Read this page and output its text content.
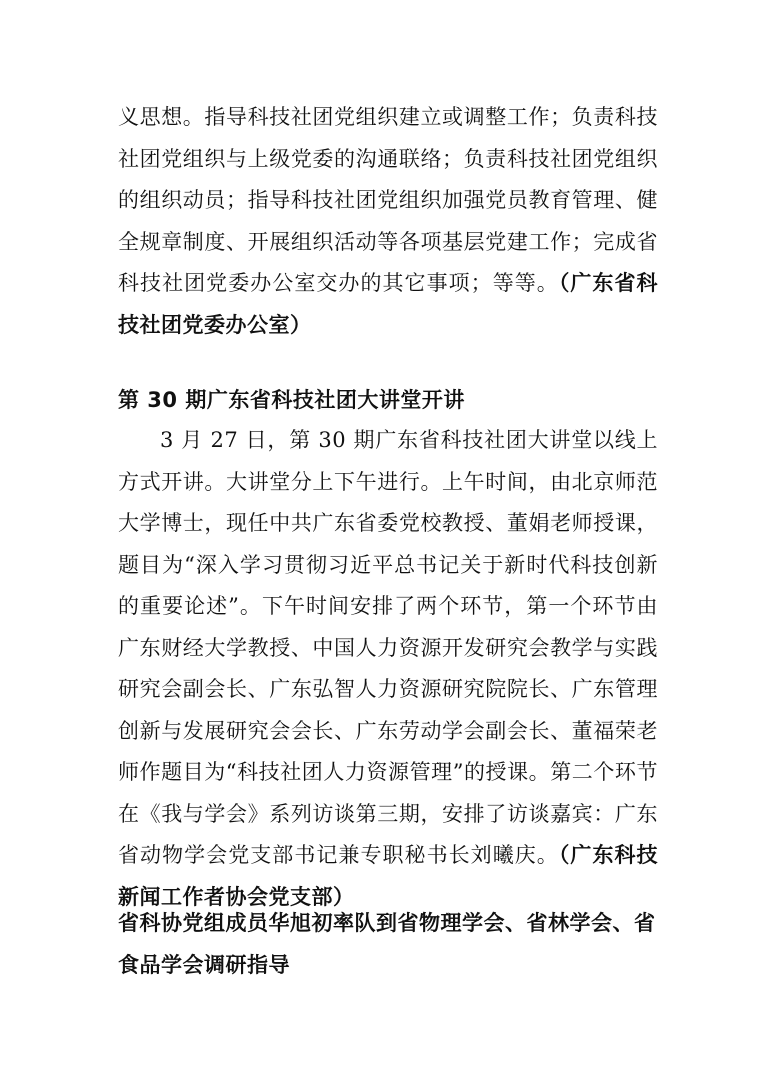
义思想。指导科技社团党组织建立或调整工作；负责科技社团党组织与上级党委的沟通联络；负责科技社团党组织的组织动员；指导科技社团党组织加强党员教育管理、健全规章制度、开展组织活动等各项基层党建工作；完成省科技社团党委办公室交办的其它事项；等等。（广东省科技社团党委办公室）
第 30 期广东省科技社团大讲堂开讲
3 月 27 日，第 30 期广东省科技社团大讲堂以线上方式开讲。大讲堂分上下午进行。上午时间，由北京师范大学博士，现任中共广东省委党校教授、董娟老师授课，题目为“深入学习贯彻习近平总书记关于新时代科技创新的重要论述”。下午时间安排了两个环节，第一个环节由广东财经大学教授、中国人力资源开发研究会教学与实践研究会副会长、广东弘智人力资源研究院院长、广东管理创新与发展研究会会长、广东劳动学会副会长、董福荣老师作题目为“科技社团人力资源管理”的授课。第二个环节在《我与学会》系列访谈第三期，安排了访谈嘉宾：广东省动物学会党支部书记兼专职秘书长刘曦庆。（广东科技新闻工作者协会党支部）
省科协党组成员华旭初率队到省物理学会、省林学会、省食品学会调研指导
